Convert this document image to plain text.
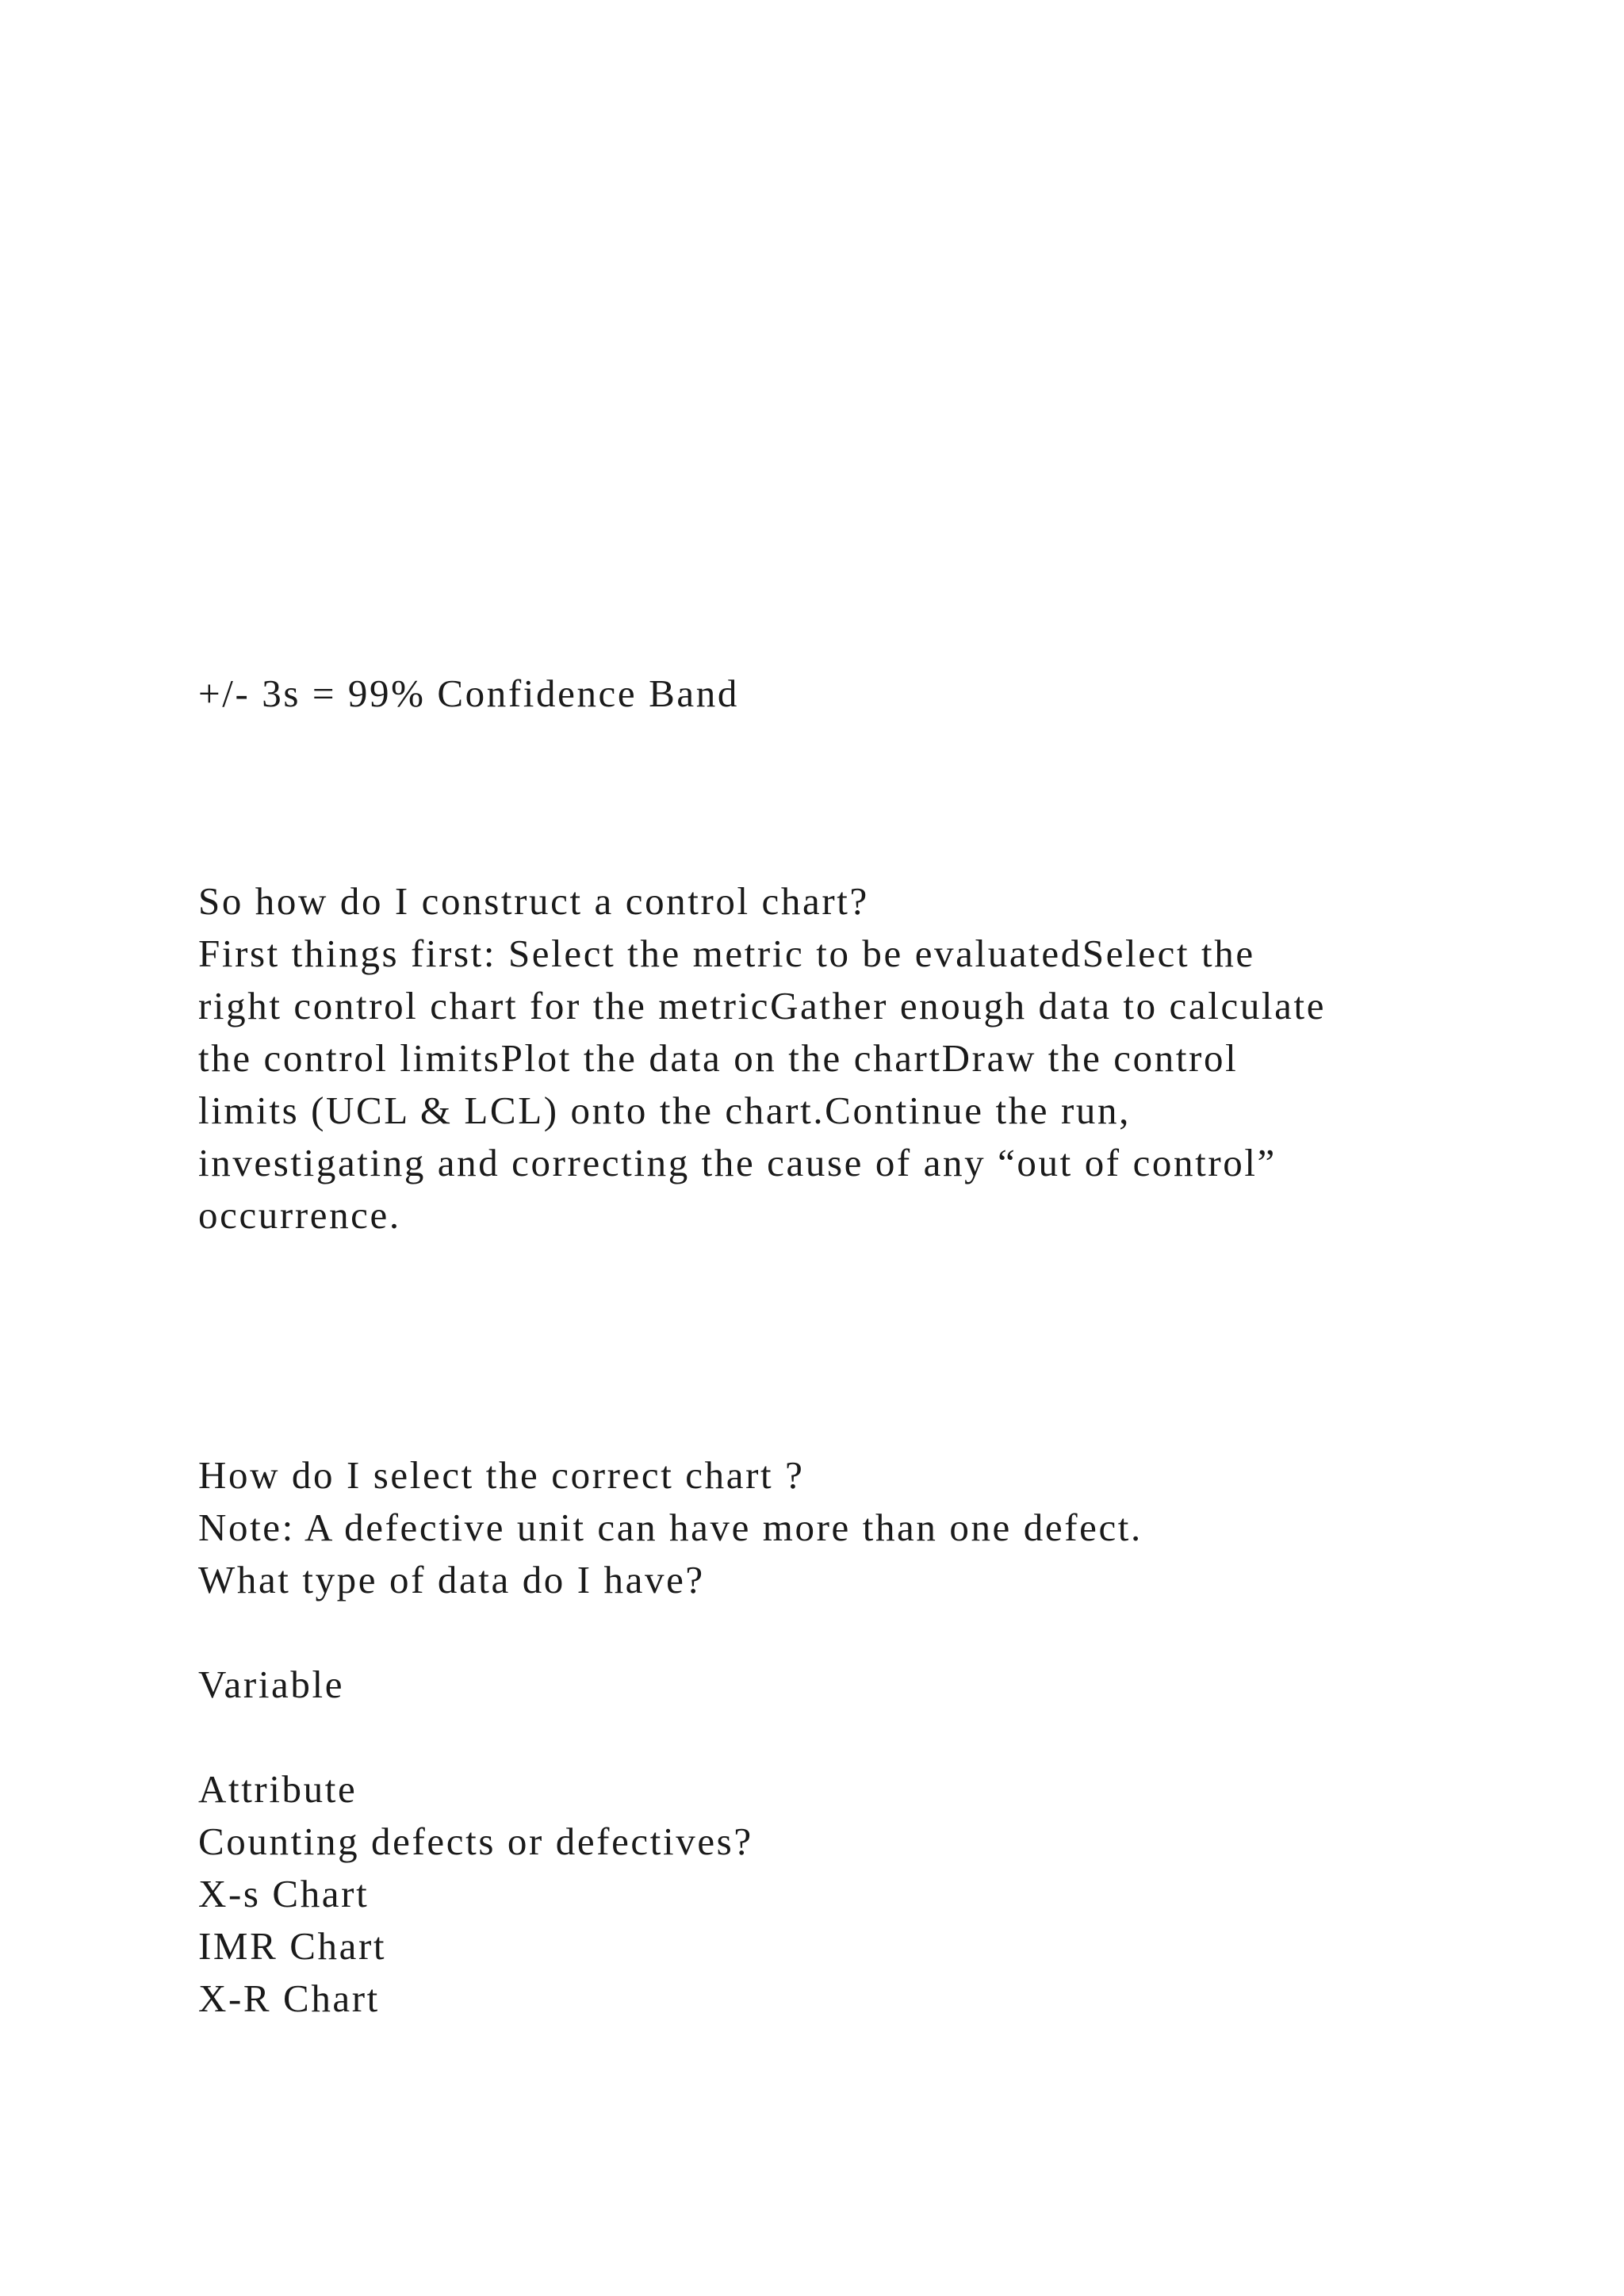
+/- 3s = 99% Confidence Band

So how do I construct a control chart?

First things first: Select the metric to be evaluatedSelect the

right control chart for the metricGather enough data to calculate

the control limitsPlot the data on the chartDraw the control

limits (UCL & LCL) onto the chart.Continue the run,

investigating and correcting the cause of any “out of control”

occurrence.

How do I select the correct chart ?

Note: A defective unit can have more than one defect.

What type of data do I have?

Variable

Attribute

Counting defects or defectives?

X-s Chart

IMR Chart

X-R Chart
